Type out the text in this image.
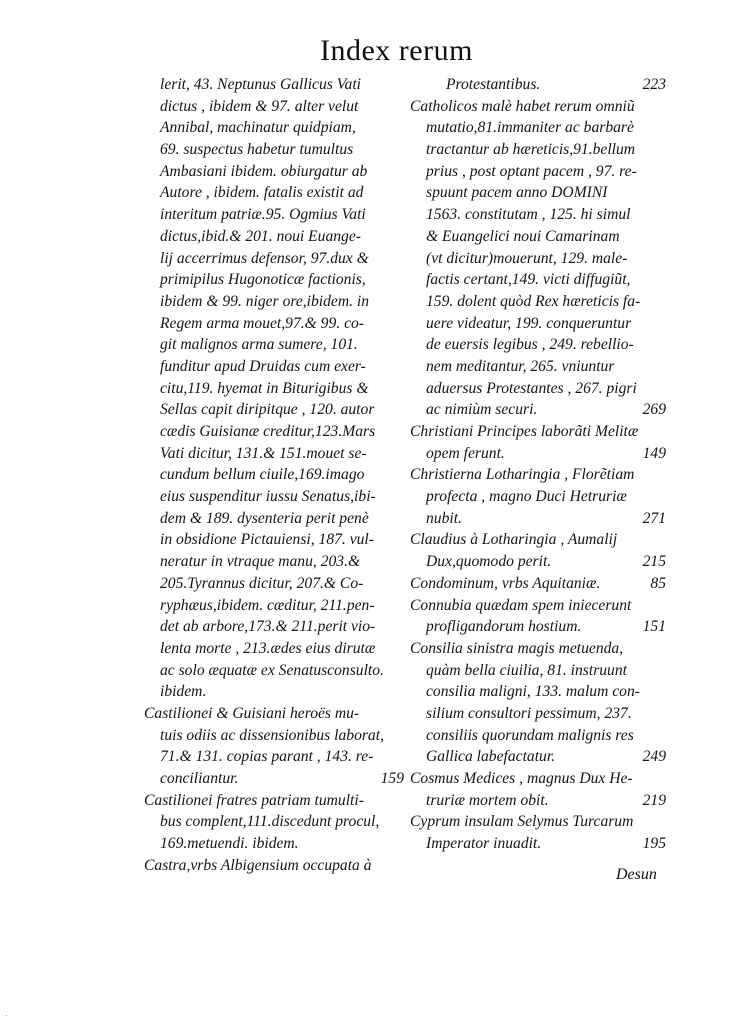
Index rerum
lerit, 43. Neptunus Gallicus Vati
dictus , ibidem & 97. alter velut
Annibal, machinatur quidpiam,
69. suspectus habetur tumultus
Ambasiani ibidem. obiurgatur ab
Autore , ibidem. fatalis existit ad
interitum patriæ.95. Ogmius Vati
dictus,ibid.& 201. noui Euange-
lij accerrimus defensor, 97.dux &
primipilus Hugonoticæ factionis,
ibidem & 99. niger ore,ibidem. in
Regem arma mouet,97.& 99. co-
git malignos arma sumere, 101.
funditur apud Druidas cum exer-
citu,119. hyemat in Biturigibus &
Sellas capit diripitque , 120. autor
cædis Guisianæ creditur,123.Mars
Vati dicitur, 131.& 151.mouet se-
cundum bellum ciuile,169.imago
eius suspenditur iussu Senatus,ibi-
dem & 189. dysenteria perit penè
in obsidione Pictauiensi, 187. vul-
neratur in vtraque manu, 203.&
205.Tyrannus dicitur, 207.& Co-
ryphæus,ibidem. cæditur, 211.pen-
det ab arbore,173.& 211.perit vio-
lenta morte , 213.ædes eius dirutæ
ac solo æquatæ ex Senatusconsulto.
ibidem.
Castilionei & Guisiani heroës mu-
tuis odiis ac dissensionibus laborat,
71.& 131. copias parant , 143. re-
conciliantur.	159
Castilionei fratres patriam tumulti-
bus complent,111.discedunt procul,
169.metuendi. ibidem.
Castra,vrbs Albigensium occupata à
Protestantibus.	223
Catholicos malè habet rerum omniũ
mutatio,81.immaniter ac barbarè
tractantur ab hæreticis,91.bellum
prius , post optant pacem , 97. re-
spuunt pacem anno DOMINI
1563. constitutam , 125. hi simul
& Euangelici noui Camarinam
(vt dicitur)mouerunt, 129. male-
factis certant,149. victi diffugiũt,
159. dolent quòd Rex hæreticis fa-
uere videatur, 199. conqueruntur
de euersis legibus , 249. rebellio-
nem meditantur, 265. vniuntur
aduersus Protestantes , 267. pigri
ac nimiùm securi.	269
Christiani Principes laborãti Melitæ
opem ferunt.	149
Christierna Lotharingia , Florẽtiam
profecta , magno Duci Hetruriæ
nubit.	271
Claudius à Lotharingia , Aumalij
Dux,quomodo perit.	215
Condominum, vrbs Aquitaniæ.	85
Connubia quædam spem iniecerunt
profligandorum hostium.	151
Consilia sinistra magis metuenda,
quàm bella ciuilia, 81. instruunt
consilia maligni, 133. malum con-
silium consultori pessimum, 237.
consiliis quorundam malignis res
Gallica labefactatur.	249
Cosmus Medices , magnus Dux He-
truriæ mortem obit.	219
Cyprum insulam Selymus Turcarum
Imperator inuadit.	195
Desun
·
